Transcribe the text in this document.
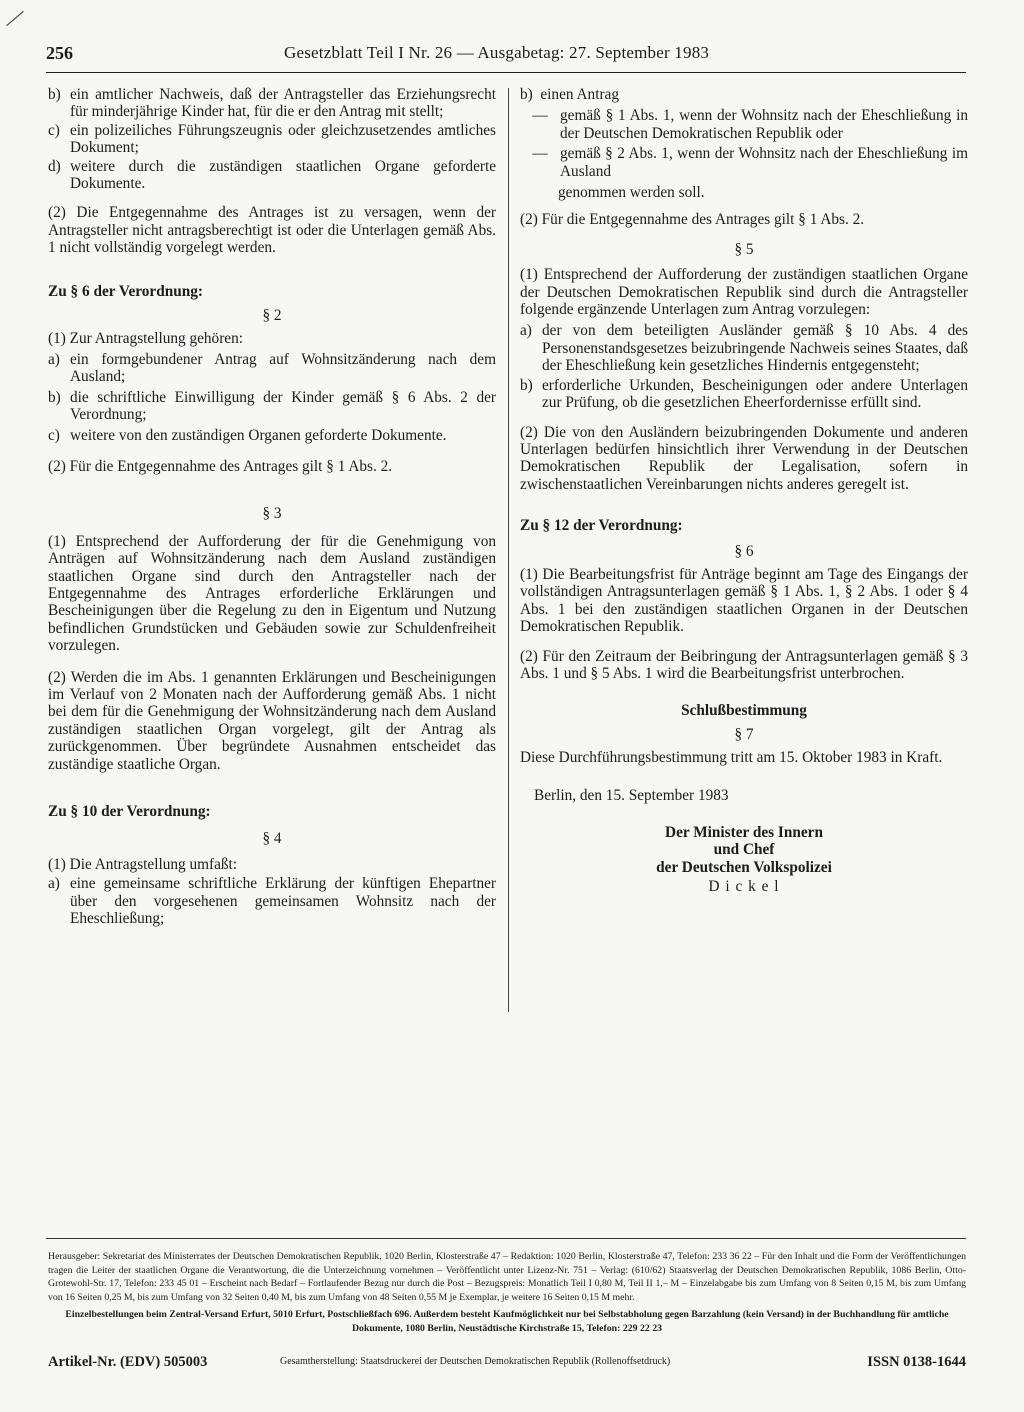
256	Gesetzblatt Teil I Nr. 26 — Ausgabetag: 27. September 1983
b) ein amtlicher Nachweis, daß der Antragsteller das Erziehungsrecht für minderjährige Kinder hat, für die er den Antrag mit stellt;
c) ein polizeiliches Führungszeugnis oder gleichzusetzendes amtliches Dokument;
d) weitere durch die zuständigen staatlichen Organe geforderte Dokumente.

(2) Die Entgegennahme des Antrages ist zu versagen, wenn der Antragsteller nicht antragsberechtigt ist oder die Unterlagen gemäß Abs. 1 nicht vollständig vorgelegt werden.

Zu § 6 der Verordnung:

§ 2

(1) Zur Antragstellung gehören:

a) ein formgebundener Antrag auf Wohnsitzänderung nach dem Ausland;
b) die schriftliche Einwilligung der Kinder gemäß § 6 Abs. 2 der Verordnung;
c) weitere von den zuständigen Organen geforderte Dokumente.

(2) Für die Entgegennahme des Antrages gilt § 1 Abs. 2.

§ 3

(1) Entsprechend der Aufforderung der für die Genehmigung von Anträgen auf Wohnsitzänderung nach dem Ausland zuständigen staatlichen Organe sind durch den Antragsteller nach der Entgegennahme des Antrages erforderliche Erklärungen und Bescheinigungen über die Regelung zu den in Eigentum und Nutzung befindlichen Grundstücken und Gebäuden sowie zur Schuldenfreiheit vorzulegen.

(2) Werden die im Abs. 1 genannten Erklärungen und Bescheinigungen im Verlauf von 2 Monaten nach der Aufforderung gemäß Abs. 1 nicht bei dem für die Genehmigung der Wohnsitzänderung nach dem Ausland zuständigen staatlichen Organ vorgelegt, gilt der Antrag als zurückgenommen. Über begründete Ausnahmen entscheidet das zuständige staatliche Organ.

Zu § 10 der Verordnung:

§ 4

(1) Die Antragstellung umfaßt:

a) eine gemeinsame schriftliche Erklärung der künftigen Ehepartner über den vorgesehenen gemeinsamen Wohnsitz nach der Eheschließung;

b)  einen Antrag

— gemäß § 1 Abs. 1, wenn der Wohnsitz nach der Eheschließung in der Deutschen Demokratischen Republik oder
— gemäß § 2 Abs. 1, wenn der Wohnsitz nach der Eheschließung im Ausland

genommen werden soll.

(2) Für die Entgegennahme des Antrages gilt § 1 Abs. 2.

§ 5

(1) Entsprechend der Aufforderung der zuständigen staatlichen Organe der Deutschen Demokratischen Republik sind durch die Antragsteller folgende ergänzende Unterlagen zum Antrag vorzulegen:

a) der von dem beteiligten Ausländer gemäß § 10 Abs. 4 des Personenstandsgesetzes beizubringende Nachweis seines Staates, daß der Eheschließung kein gesetzliches Hindernis entgegensteht;
b) erforderliche Urkunden, Bescheinigungen oder andere Unterlagen zur Prüfung, ob die gesetzlichen Eheerfordernisse erfüllt sind.

(2) Die von den Ausländern beizubringenden Dokumente und anderen Unterlagen bedürfen hinsichtlich ihrer Verwendung in der Deutschen Demokratischen Republik der Legalisation, sofern in zwischenstaatlichen Vereinbarungen nichts anderes geregelt ist.

Zu § 12 der Verordnung:

§ 6

(1) Die Bearbeitungsfrist für Anträge beginnt am Tage des Eingangs der vollständigen Antragsunterlagen gemäß § 1 Abs. 1, § 2 Abs. 1 oder § 4 Abs. 1 bei den zuständigen staatlichen Organen in der Deutschen Demokratischen Republik.

(2) Für den Zeitraum der Beibringung der Antragsunterlagen gemäß § 3 Abs. 1 und § 5 Abs. 1 wird die Bearbeitungsfrist unterbrochen.

Schlußbestimmung

§ 7

Diese Durchführungsbestimmung tritt am 15. Oktober 1983 in Kraft.

Berlin, den 15. September 1983

Der Minister des Innern

und Chef

der Deutschen Volkspolizei

D i c k e l

Herausgeber: Sekretariat des Ministerrates der Deutschen Demokratischen Republik, 1020 Berlin, Klosterstraße 47 – Redaktion: 1020 Berlin, Klosterstraße 47, Telefon: 233 36 22 – Für den Inhalt und die Form der Veröffentlichungen tragen die Leiter der staatlichen Organe die Verantwortung, die die Unterzeichnung vornehmen – Veröffentlicht unter Lizenz-Nr. 751 – Verlag: (610/62) Staatsverlag der Deutschen Demokratischen Republik, 1086 Berlin, Otto-Grotewohl-Str. 17, Telefon: 233 45 01 – Erscheint nach Bedarf – Fortlaufender Bezug nur durch die Post – Bezugspreis: Monatlich Teil I 0,80 M, Teil II 1,– M – Einzelabgabe bis zum Umfang von 8 Seiten 0,15 M, bis zum Umfang von 16 Seiten 0,25 M, bis zum Umfang von 32 Seiten 0,40 M, bis zum Umfang von 48 Seiten 0,55 M je Exemplar, je weitere 16 Seiten 0,15 M mehr.

Einzelbestellungen beim Zentral-Versand Erfurt, 5010 Erfurt, Postschließfach 696. Außerdem besteht Kaufmöglichkeit nur bei Selbstabholung gegen Barzahlung (kein Versand) in der Buchhandlung für amtliche Dokumente, 1080 Berlin, Neustädtische Kirchstraße 15, Telefon: 229 22 23

Artikel-Nr. (EDV) 505003	Gesamtherstellung: Staatsdruckerei der Deutschen Demokratischen Republik (Rollenoffsetdruck)	ISSN 0138-1644
